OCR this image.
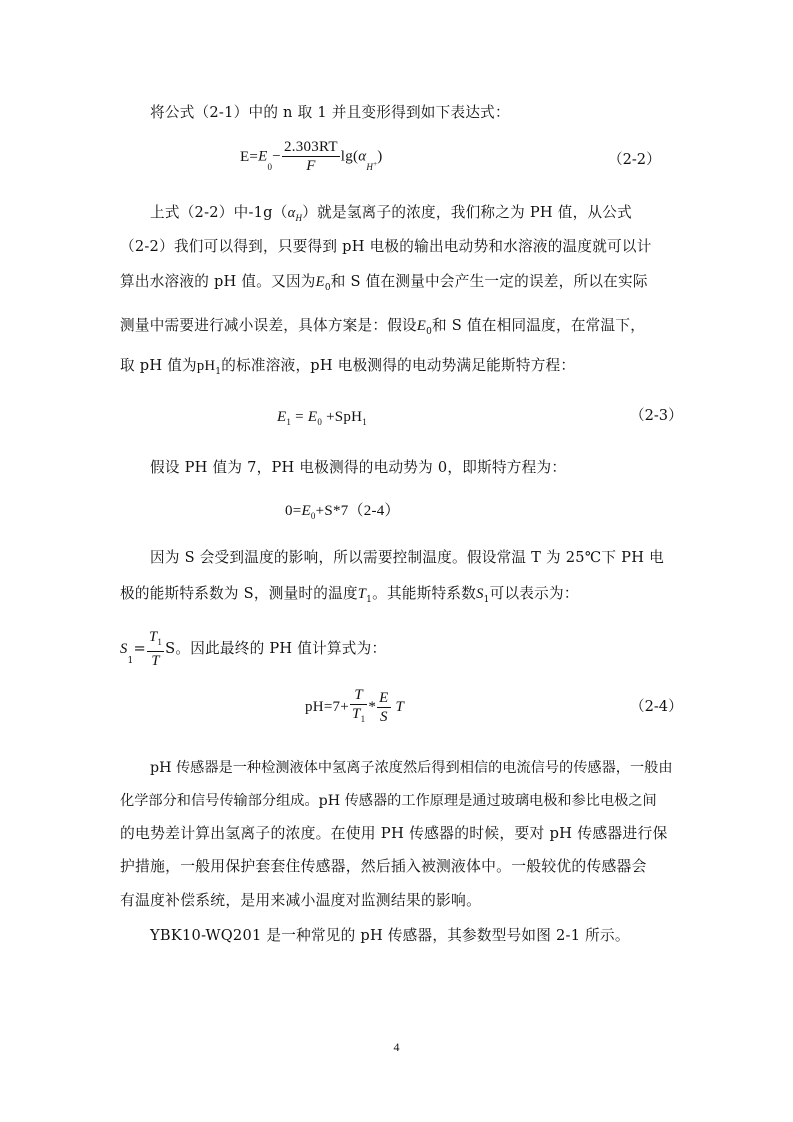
将公式（2-1）中的 n 取 1 并且变形得到如下表达式：
$E=E_0- \frac{2.303RT}{F} \lg(\alpha_{H^+})$	（2-2）
上式（2-2）中$-1g(\alpha_H)$就是氢离子的浓度，我们称之为 PH 值，从公式
（2-2）我们可以得到，只要得到 pH 电极的输出电动势和水溶液的温度就可以计
算出水溶液的 pH 值。又因为$E_0$和 S 值在测量中会产生一定的误差，所以在实际
测量中需要进行减小误差，具体方案是：假设$E_0$和 S 值在相同温度，在常温下，
取 pH 值为$pH_1$的标准溶液，pH 电极测得的电动势满足能斯特方程：
$E_1 = E_0 +SpH_1$	（2-3）
假设 PH 值为 7，PH 电极测得的电动势为 0，即斯特方程为：
$0=E_0+S*7(2-4)$
因为 S 会受到温度的影响，所以需要控制温度。假设常温 T 为 25℃下 PH 电
极的能斯特系数为 S，测量时的温度$T_1$。其能斯特系数$S_1$可以表示为：
$S_1= \frac{T_1}{T}$ S。因此最终的 PH 值计算式为：
$pH=7+ \frac{T}{T_1} * \frac{E}{S}$ T	（2-4）
pH 传感器是一种检测液体中氢离子浓度然后得到相信的电流信号的传感器，一般由
化学部分和信号传输部分组成。pH 传感器的工作原理是通过玻璃电极和参比电极之间
的电势差计算出氢离子的浓度。在使用 PH 传感器的时候，要对 pH 传感器进行保
护措施，一般用保护套套住传感器，然后插入被测液体中。一般较优的传感器会
有温度补偿系统，是用来减小温度对监测结果的影响。
YBK10-WQ201 是一种常见的 pH 传感器，其参数型号如图 2-1 所示。
4
